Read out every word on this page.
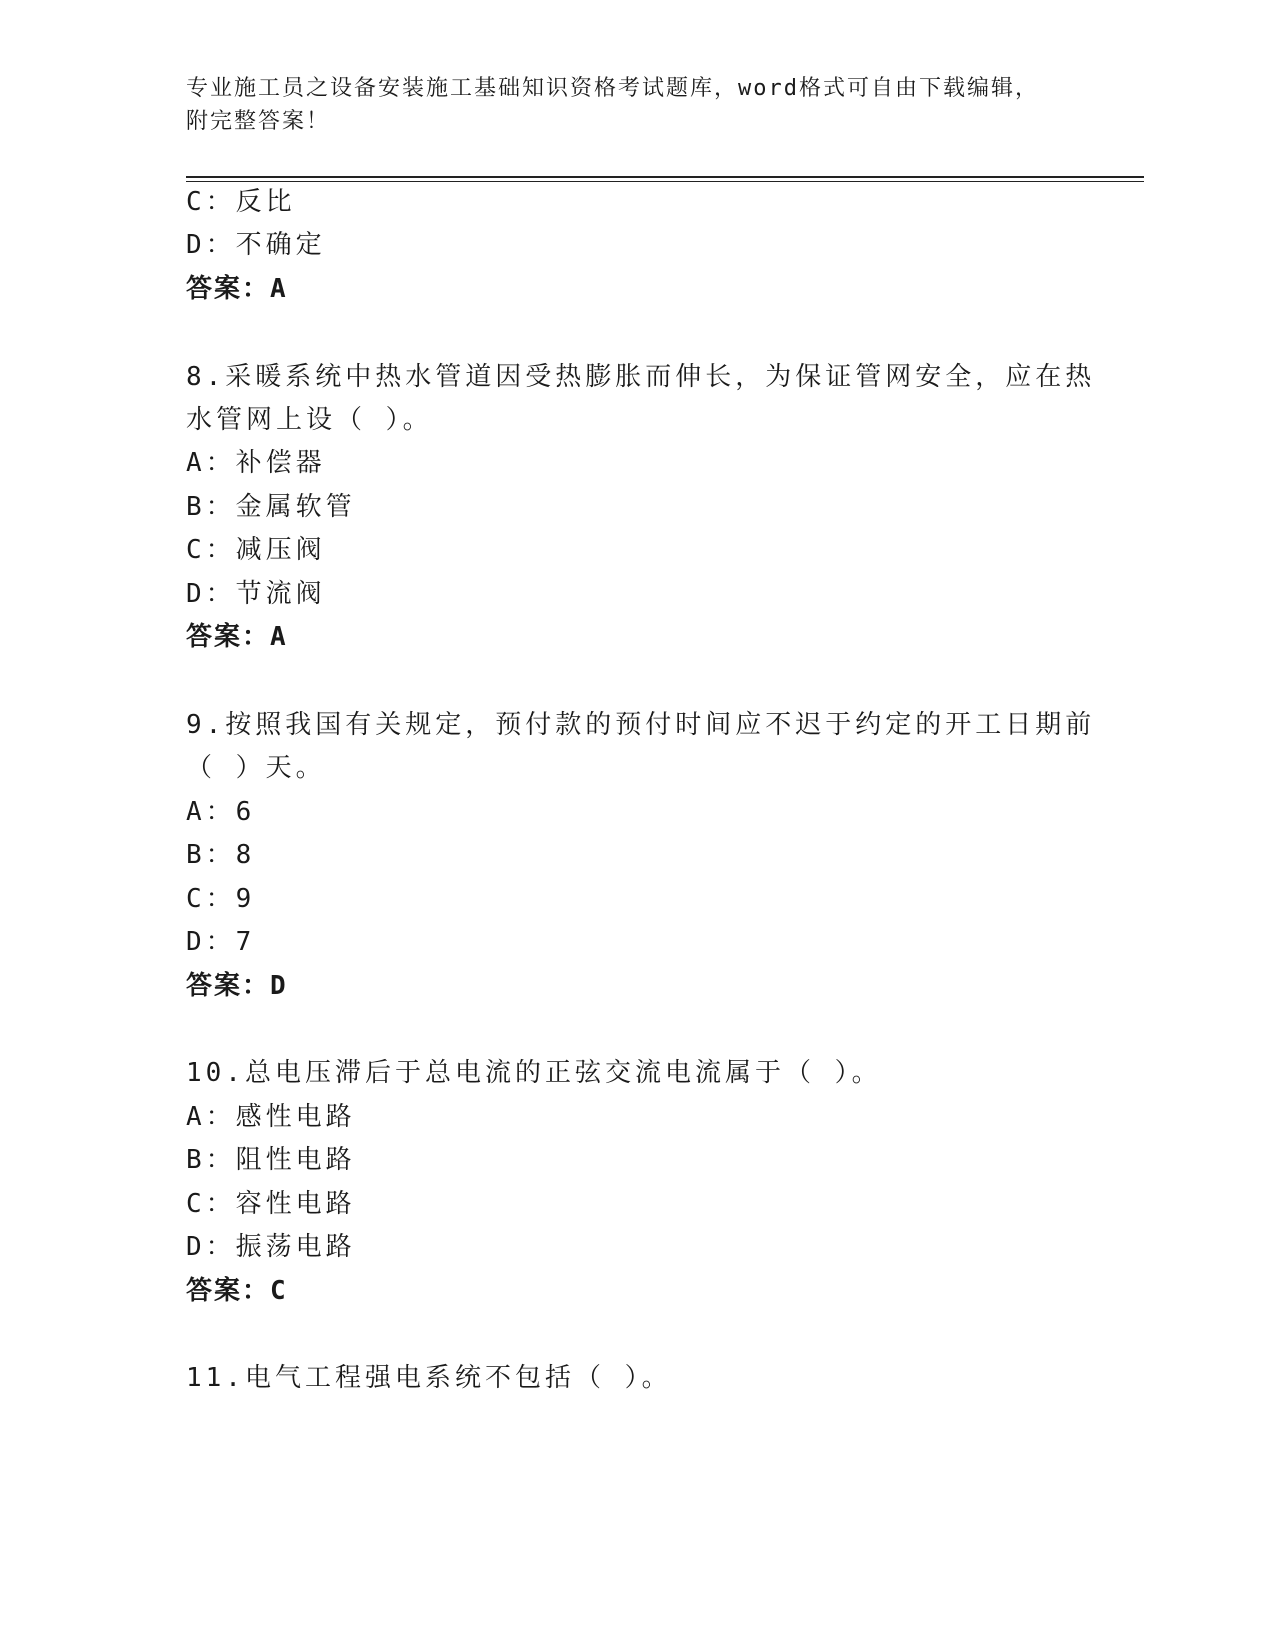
专业施工员之设备安装施工基础知识资格考试题库，word格式可自由下载编辑，
附完整答案！
C：反比
D：不确定
答案：A
8.采暖系统中热水管道因受热膨胀而伸长，为保证管网安全，应在热
水管网上设（ ）。
A：补偿器
B：金属软管
C：减压阀
D：节流阀
答案：A
9.按照我国有关规定，预付款的预付时间应不迟于约定的开工日期前
（ ）天。
A：6
B：8
C：9
D：7
答案：D
10.总电压滞后于总电流的正弦交流电流属于（ ）。
A：感性电路
B：阻性电路
C：容性电路
D：振荡电路
答案：C
11.电气工程强电系统不包括（ ）。
